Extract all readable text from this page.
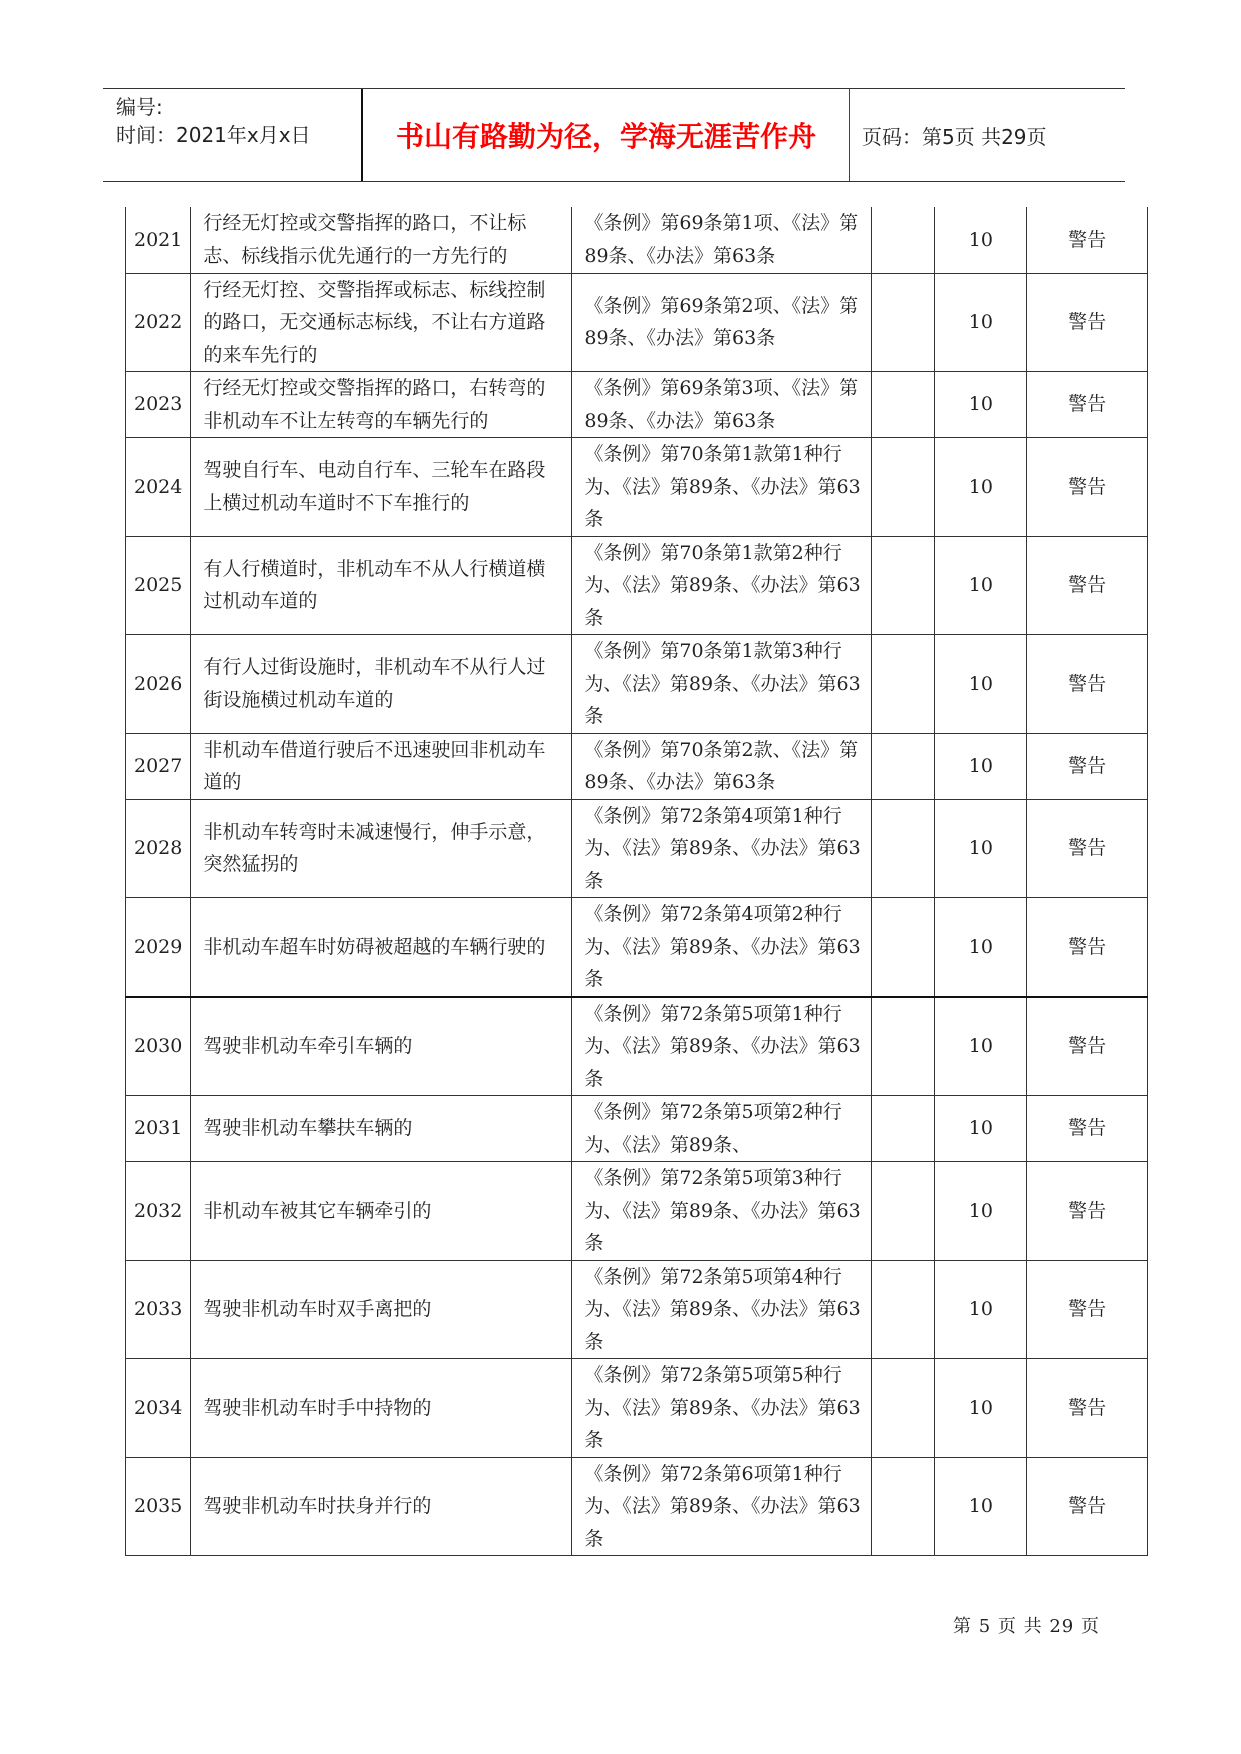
编号:
时间：2021年x月x日	书山有路勤为径，学海无涯苦作舟	页码：第5页 共29页
2021	行经无灯控或交警指挥的路口，不让标志、标线指示优先通行的一方先行的	《条例》第69条第1项、《法》第89条、《办法》第63条		10	警告
2022	行经无灯控、交警指挥或标志、标线控制的路口，无交通标志标线，不让右方道路的来车先行的	《条例》第69条第2项、《法》第89条、《办法》第63条		10	警告
2023	行经无灯控或交警指挥的路口，右转弯的非机动车不让左转弯的车辆先行的	《条例》第69条第3项、《法》第89条、《办法》第63条		10	警告
2024	驾驶自行车、电动自行车、三轮车在路段上横过机动车道时不下车推行的	《条例》第70条第1款第1种行为、《法》第89条、《办法》第63条		10	警告
2025	有人行横道时，非机动车不从人行横道横过机动车道的	《条例》第70条第1款第2种行为、《法》第89条、《办法》第63条		10	警告
2026	有行人过街设施时，非机动车不从行人过街设施横过机动车道的	《条例》第70条第1款第3种行为、《法》第89条、《办法》第63条		10	警告
2027	非机动车借道行驶后不迅速驶回非机动车道的	《条例》第70条第2款、《法》第89条、《办法》第63条		10	警告
2028	非机动车转弯时未减速慢行，伸手示意，突然猛拐的	《条例》第72条第4项第1种行为、《法》第89条、《办法》第63条		10	警告
2029	非机动车超车时妨碍被超越的车辆行驶的	《条例》第72条第4项第2种行为、《法》第89条、《办法》第63条		10	警告
2030	驾驶非机动车牵引车辆的	《条例》第72条第5项第1种行为、《法》第89条、《办法》第63条		10	警告
2031	驾驶非机动车攀扶车辆的	《条例》第72条第5项第2种行为、《法》第89条、		10	警告
2032	非机动车被其它车辆牵引的	《条例》第72条第5项第3种行为、《法》第89条、《办法》第63条		10	警告
2033	驾驶非机动车时双手离把的	《条例》第72条第5项第4种行为、《法》第89条、《办法》第63条		10	警告
2034	驾驶非机动车时手中持物的	《条例》第72条第5项第5种行为、《法》第89条、《办法》第63条		10	警告
2035	驾驶非机动车时扶身并行的	《条例》第72条第6项第1种行为、《法》第89条、《办法》第63条		10	警告
第 5 页 共 29 页
